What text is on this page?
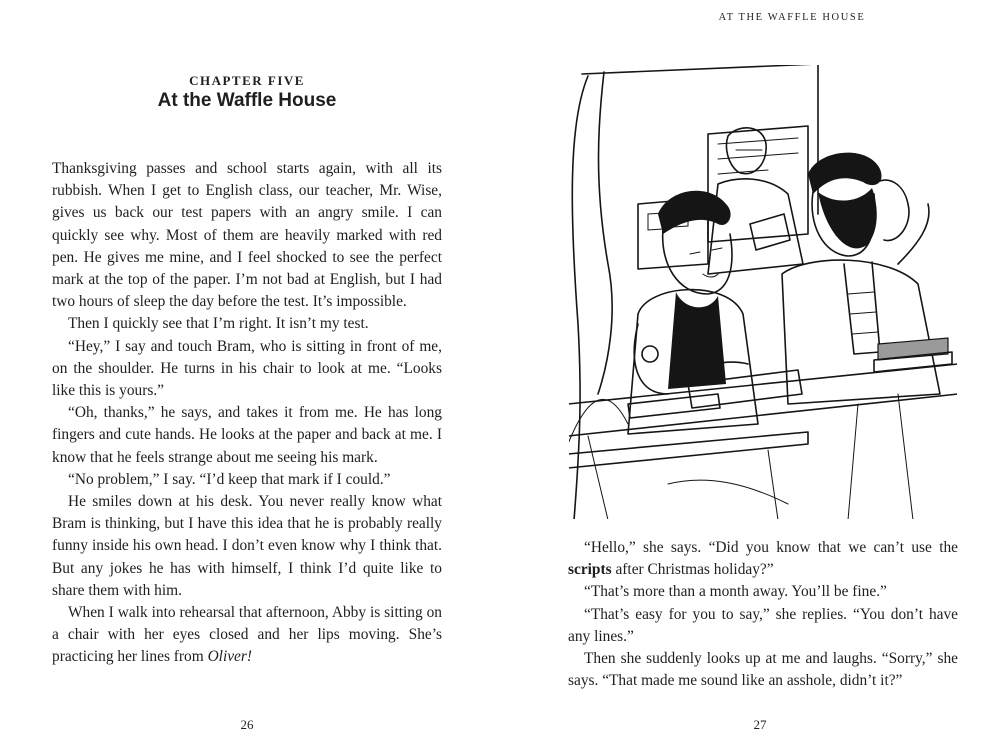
CHAPTER FIVE
At the Waffle House

Thanksgiving passes and school starts again, with all its rubbish. When I get to English class, our teacher, Mr. Wise, gives us back our test papers with an angry smile. I can quickly see why. Most of them are heavily marked with red pen. He gives me mine, and I feel shocked to see the perfect mark at the top of the paper. I’m not bad at English, but I had two hours of sleep the day before the test. It’s impossible.

Then I quickly see that I’m right. It isn’t my test.

“Hey,” I say and touch Bram, who is sitting in front of me, on the shoulder. He turns in his chair to look at me. “Looks like this is yours.”

“Oh, thanks,” he says, and takes it from me. He has long fingers and cute hands. He looks at the paper and back at me. I know that he feels strange about me seeing his mark.

“No problem,” I say. “I’d keep that mark if I could.”

He smiles down at his desk. You never really know what Bram is thinking, but I have this idea that he is probably really funny inside his own head. I don’t even know why I think that. But any jokes he has with himself, I think I’d quite like to share them with him.

When I walk into rehearsal that afternoon, Abby is sitting on a chair with her eyes closed and her lips moving. She’s practicing her lines from Oliver!

26
AT THE WAFFLE HOUSE

“Hello,” she says. “Did you know that we can’t use the scripts after Christmas holiday?”

“That’s more than a month away. You’ll be fine.”

“That’s easy for you to say,” she replies. “You don’t have any lines.”

Then she suddenly looks up at me and laughs. “Sorry,” she says. “That made me sound like an asshole, didn’t it?”

27
